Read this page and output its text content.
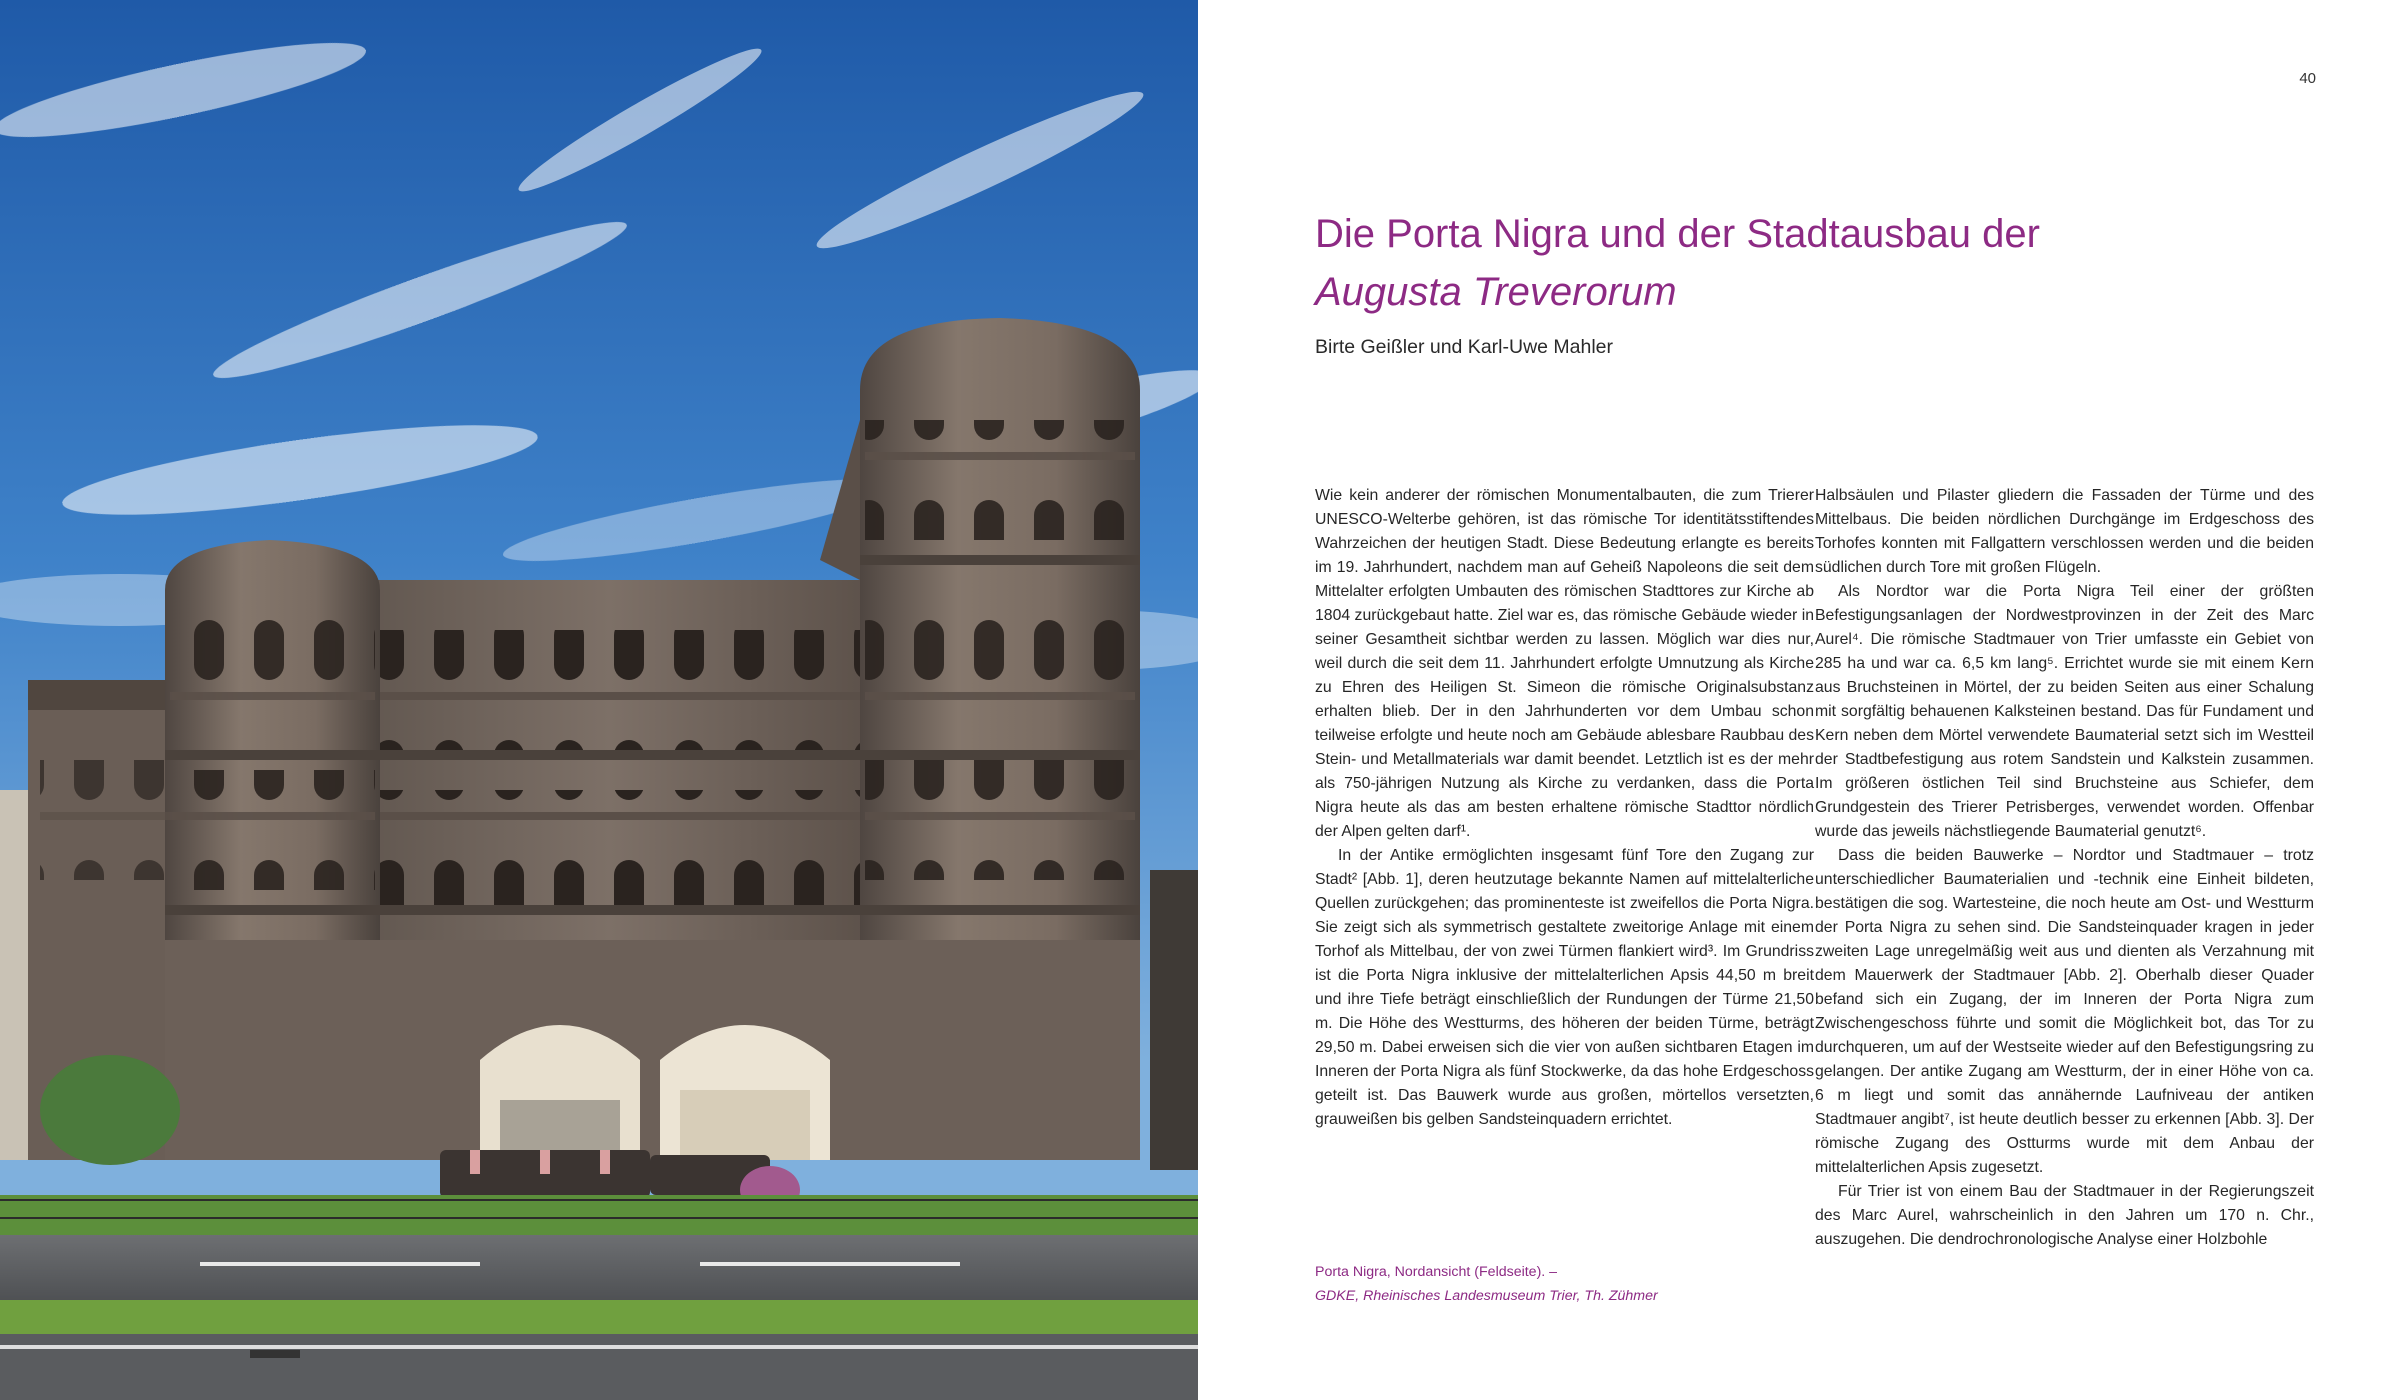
40
Die Porta Nigra und der Stadtausbau der
Augusta Treverorum
Birte Geißler und Karl-Uwe Mahler

Wie kein anderer der römischen Monumentalbauten, die zum Trierer UNESCO-Welterbe gehören, ist das römische Tor identitätsstiftendes Wahrzeichen der heutigen Stadt. Diese Bedeutung erlangte es bereits im 19. Jahrhundert, nachdem man auf Geheiß Napoleons die seit dem Mittelalter erfolgten Umbauten des römischen Stadttores zur Kirche ab 1804 zurückgebaut hatte. Ziel war es, das römische Gebäude wieder in seiner Gesamtheit sichtbar werden zu lassen. Möglich war dies nur, weil durch die seit dem 11. Jahrhundert erfolgte Umnutzung als Kirche zu Ehren des Heiligen St. Simeon die römische Originalsubstanz erhalten blieb. Der in den Jahrhunderten vor dem Umbau schon teilweise erfolgte und heute noch am Gebäude ablesbare Raubbau des Stein- und Metallmaterials war damit beendet. Letztlich ist es der mehr als 750-jährigen Nutzung als Kirche zu verdanken, dass die Porta Nigra heute als das am besten erhaltene römische Stadttor nördlich der Alpen gelten darf¹.

In der Antike ermöglichten insgesamt fünf Tore den Zugang zur Stadt² [Abb. 1], deren heutzutage bekannte Namen auf mittelalterliche Quellen zurückgehen; das prominenteste ist zweifellos die Porta Nigra. Sie zeigt sich als symmetrisch gestaltete zweitorige Anlage mit einem Torhof als Mittelbau, der von zwei Türmen flankiert wird³. Im Grundriss ist die Porta Nigra inklusive der mittelalterlichen Apsis 44,50 m breit und ihre Tiefe beträgt einschließlich der Rundungen der Türme 21,50 m. Die Höhe des Westturms, des höheren der beiden Türme, beträgt 29,50 m. Dabei erweisen sich die vier von außen sichtbaren Etagen im Inneren der Porta Nigra als fünf Stockwerke, da das hohe Erdgeschoss geteilt ist. Das Bauwerk wurde aus großen, mörtellos versetzten, grauweißen bis gelben Sandsteinquadern errichtet.

Halbsäulen und Pilaster gliedern die Fassaden der Türme und des Mittelbaus. Die beiden nördlichen Durchgänge im Erdgeschoss des Torhofes konnten mit Fallgattern verschlossen werden und die beiden südlichen durch Tore mit großen Flügeln.

Als Nordtor war die Porta Nigra Teil einer der größten Befestigungsanlagen der Nordwestprovinzen in der Zeit des Marc Aurel⁴. Die römische Stadtmauer von Trier umfasste ein Gebiet von 285 ha und war ca. 6,5 km lang⁵. Errichtet wurde sie mit einem Kern aus Bruchsteinen in Mörtel, der zu beiden Seiten aus einer Schalung mit sorgfältig behauenen Kalksteinen bestand. Das für Fundament und Kern neben dem Mörtel verwendete Baumaterial setzt sich im Westteil der Stadtbefestigung aus rotem Sandstein und Kalkstein zusammen. Im größeren östlichen Teil sind Bruchsteine aus Schiefer, dem Grundgestein des Trierer Petrisberges, verwendet worden. Offenbar wurde das jeweils nächstliegende Baumaterial genutzt⁶.

Dass die beiden Bauwerke – Nordtor und Stadtmauer – trotz unterschiedlicher Baumaterialien und -technik eine Einheit bildeten, bestätigen die sog. Wartesteine, die noch heute am Ost- und Westturm der Porta Nigra zu sehen sind. Die Sandsteinquader kragen in jeder zweiten Lage unregelmäßig weit aus und dienten als Verzahnung mit dem Mauerwerk der Stadtmauer [Abb. 2]. Oberhalb dieser Quader befand sich ein Zugang, der im Inneren der Porta Nigra zum Zwischengeschoss führte und somit die Möglichkeit bot, das Tor zu durchqueren, um auf der Westseite wieder auf den Befestigungsring zu gelangen. Der antike Zugang am Westturm, der in einer Höhe von ca. 6 m liegt und somit das annähernde Laufniveau der antiken Stadtmauer angibt⁷, ist heute deutlich besser zu erkennen [Abb. 3]. Der römische Zugang des Ostturms wurde mit dem Anbau der mittelalterlichen Apsis zugesetzt.

Für Trier ist von einem Bau der Stadtmauer in der Regierungszeit des Marc Aurel, wahrscheinlich in den Jahren um 170 n. Chr., auszugehen. Die dendrochronologische Analyse einer Holzbohle

Porta Nigra, Nordansicht (Feldseite). –
GDKE, Rheinisches Landesmuseum Trier, Th. Zühmer
